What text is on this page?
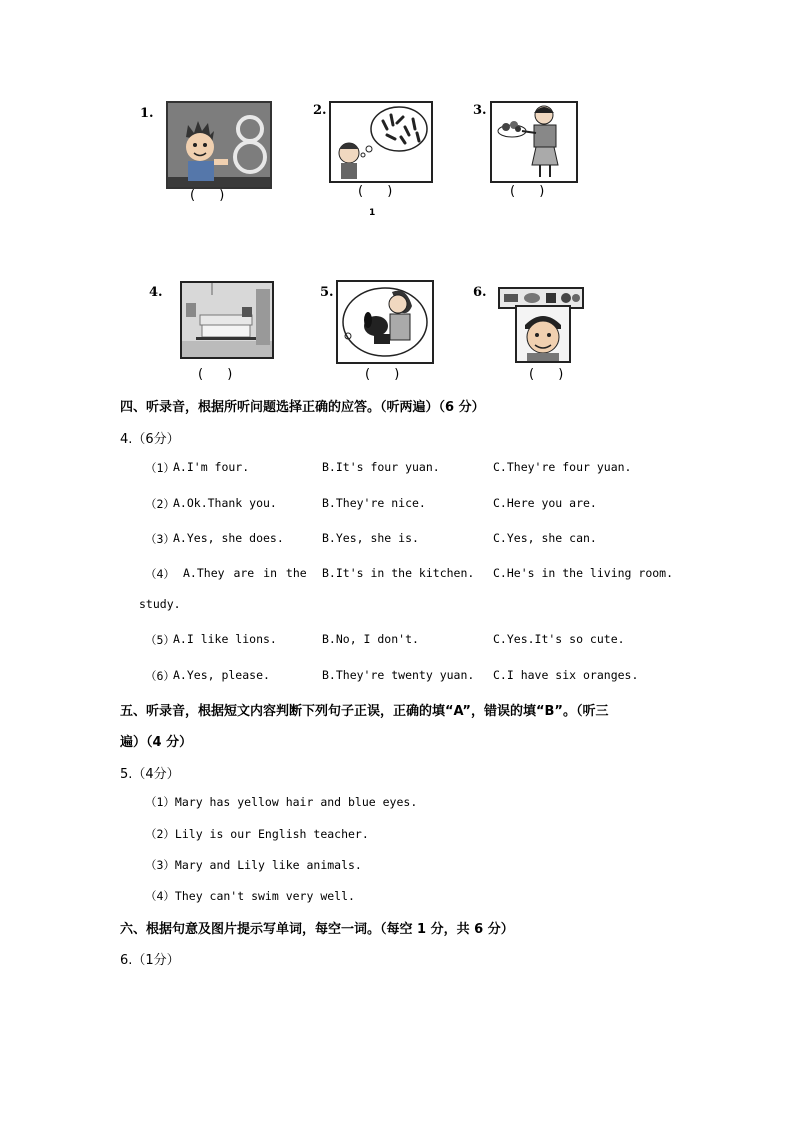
1.
( )
2.
( )
1
3.
( )
4.
( )
5.
( )
6.
( )
四、听录音，根据所听问题选择正确的应答。（听两遍）（6 分）
4.（6分）
（1）
A.I'm four.	B.It's four yuan.	C.They're four yuan.
（2）
A.Ok.Thank you.	B.They're nice.	C.Here you are.
（3）
A.Yes, she does.	B.Yes, she is.	C.Yes, she can.
（4） A.They are in the B.It's in the kitchen. C.He's in the living room.
study.
（5）
A.I like lions.	B.No, I don't.	C.Yes.It's so cute.
（6）
A.Yes, please.	B.They're twenty yuan. C.I have six oranges.
五、听录音，根据短文内容判断下列句子正误，正确的填“A”，错误的填“B”。（听三
遍）（4 分）
5.（4分）
（1）Mary has yellow hair and blue eyes.
（2）Lily is our English teacher.
（3）Mary and Lily like animals.
（4）They can't swim very well.
六、根据句意及图片提示写单词，每空一词。（每空 1 分，共 6 分）
6.（1分）
